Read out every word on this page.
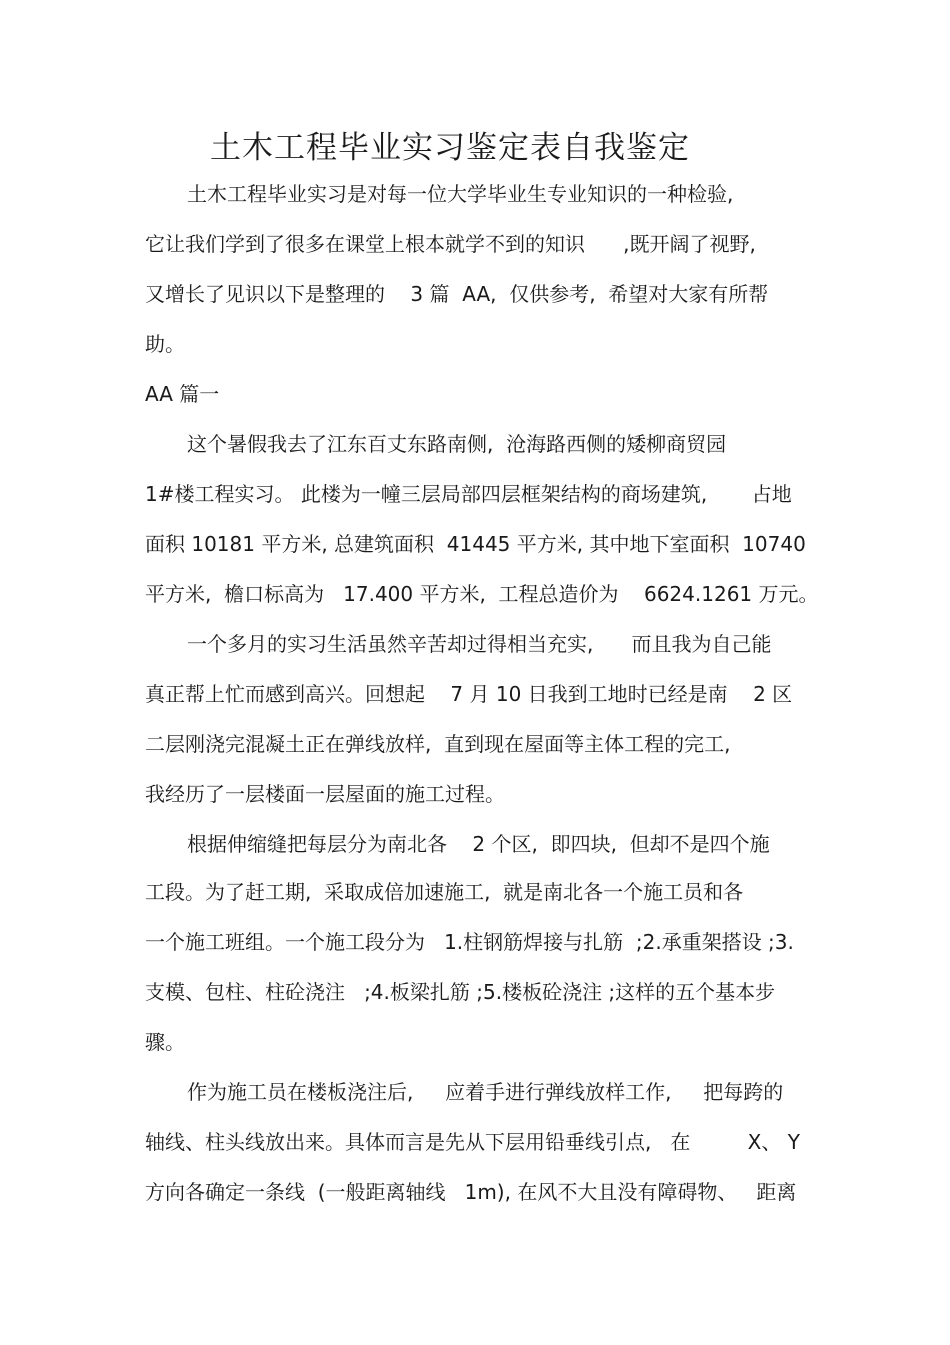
土木工程毕业实习鉴定表自我鉴定
土木工程毕业实习是对每一位大学毕业生专业知识的一种检验,
它让我们学到了很多在课堂上根本就学不到的知识      ,既开阔了视野,
又增长了见识以下是整理的    3 篇  AA,  仅供参考,  希望对大家有所帮
助。
AA 篇一
这个暑假我去了江东百丈东路南侧,  沧海路西侧的矮柳商贸园
1#楼工程实习。 此楼为一幢三层局部四层框架结构的商场建筑,       占地
面积 10181 平方米, 总建筑面积  41445 平方米, 其中地下室面积  10740
平方米,  檐口标高为   17.400 平方米,  工程总造价为    6624.1261 万元。
一个多月的实习生活虽然辛苦却过得相当充实,      而且我为自己能
真正帮上忙而感到高兴。回想起    7 月 10 日我到工地时已经是南    2 区
二层刚浇完混凝土正在弹线放样,  直到现在屋面等主体工程的完工,
我经历了一层楼面一层屋面的施工过程。
根据伸缩缝把每层分为南北各    2 个区,  即四块,  但却不是四个施
工段。为了赶工期,  采取成倍加速施工,  就是南北各一个施工员和各
一个施工班组。一个施工段分为   1.柱钢筋焊接与扎筋  ;2.承重架搭设 ;3.
支模、包柱、柱砼浇注   ;4.板梁扎筋 ;5.楼板砼浇注 ;这样的五个基本步
骤。
作为施工员在楼板浇注后,     应着手进行弹线放样工作,     把每跨的
轴线、柱头线放出来。具体而言是先从下层用铅垂线引点,   在         X、 Y
方向各确定一条线  (一般距离轴线   1m), 在风不大且没有障碍物、   距离
